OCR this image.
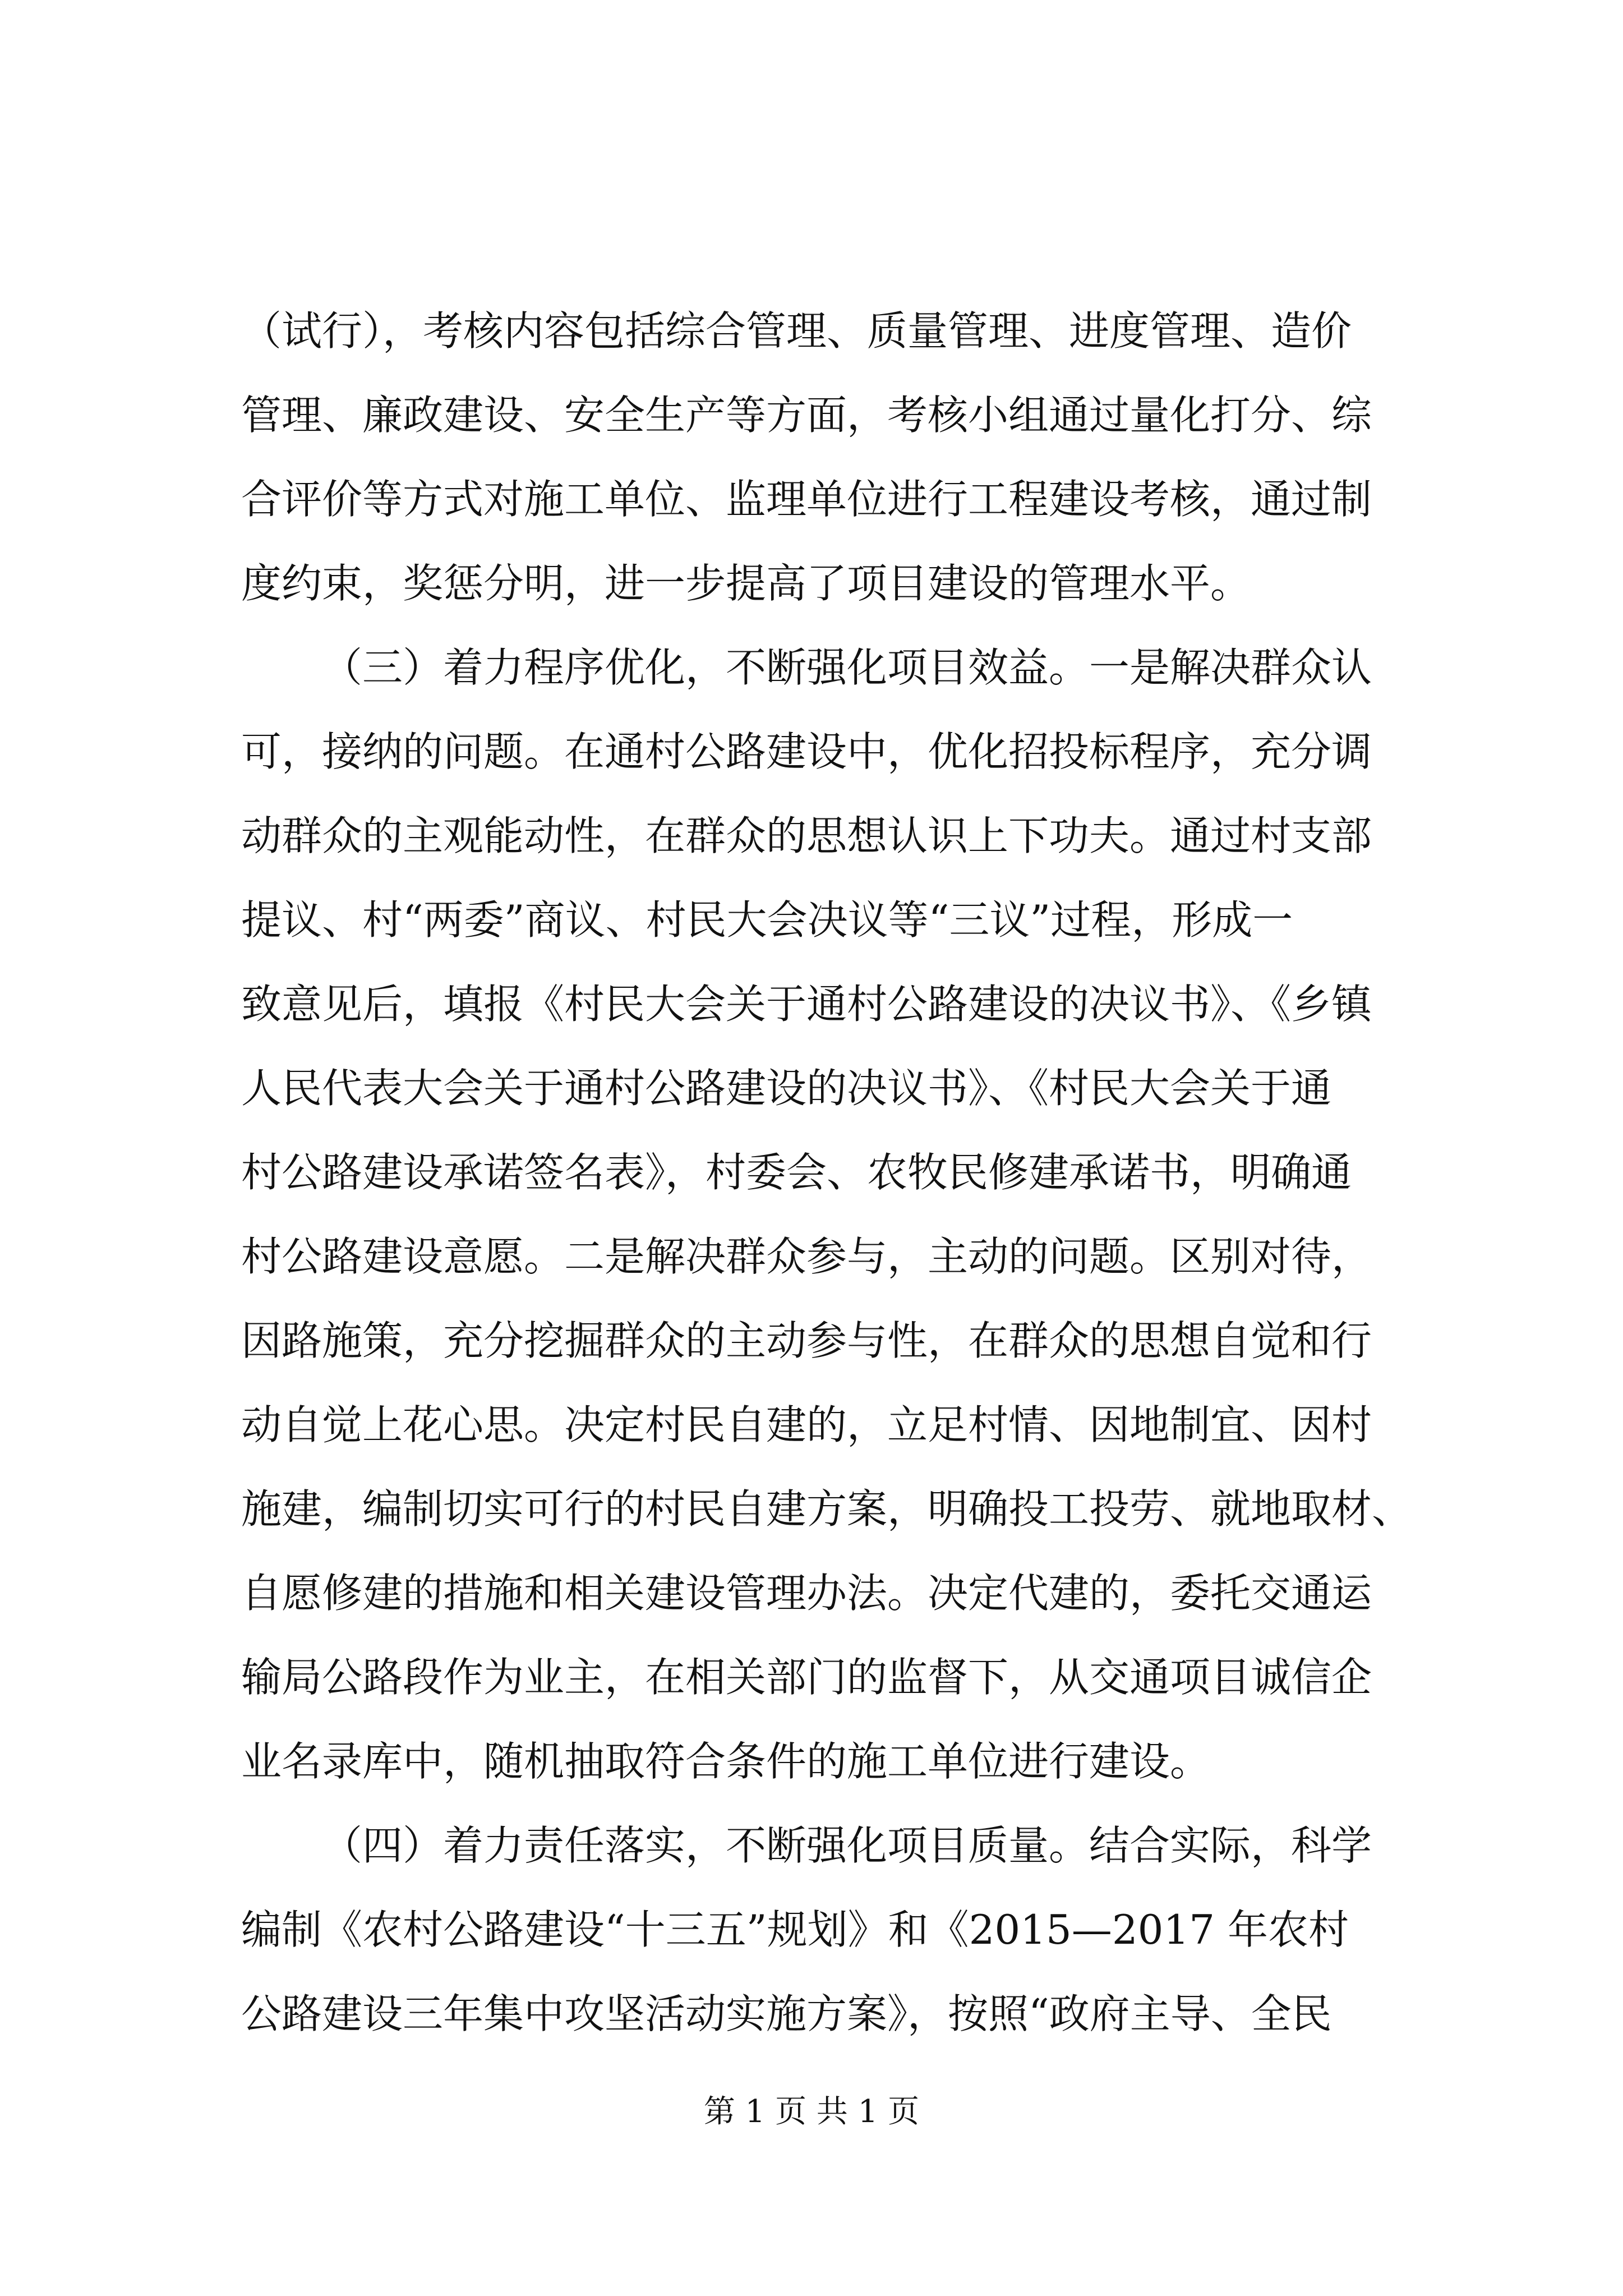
（试行），考核内容包括综合管理、质量管理、进度管理、造价
管理、廉政建设、安全生产等方面，考核小组通过量化打分、综
合评价等方式对施工单位、监理单位进行工程建设考核，通过制
度约束，奖惩分明，进一步提高了项目建设的管理水平。
（三）着力程序优化，不断强化项目效益。一是解决群众认
可，接纳的问题。在通村公路建设中，优化招投标程序，充分调
动群众的主观能动性，在群众的思想认识上下功夫。通过村支部
提议、村“两委”商议、村民大会决议等“三议”过程，形成一
致意见后，填报《村民大会关于通村公路建设的决议书》、《乡镇
人民代表大会关于通村公路建设的决议书》、《村民大会关于通
村公路建设承诺签名表》，村委会、农牧民修建承诺书，明确通
村公路建设意愿。二是解决群众参与，主动的问题。区别对待，
因路施策，充分挖掘群众的主动参与性，在群众的思想自觉和行
动自觉上花心思。决定村民自建的，立足村情、因地制宜、因村
施建，编制切实可行的村民自建方案，明确投工投劳、就地取材、
自愿修建的措施和相关建设管理办法。决定代建的，委托交通运
输局公路段作为业主，在相关部门的监督下，从交通项目诚信企
业名录库中，随机抽取符合条件的施工单位进行建设。
（四）着力责任落实，不断强化项目质量。结合实际，科学
编制《农村公路建设“十三五”规划》和《2015—2017 年农村
公路建设三年集中攻坚活动实施方案》，按照“政府主导、全民
第 1 页 共 1 页
